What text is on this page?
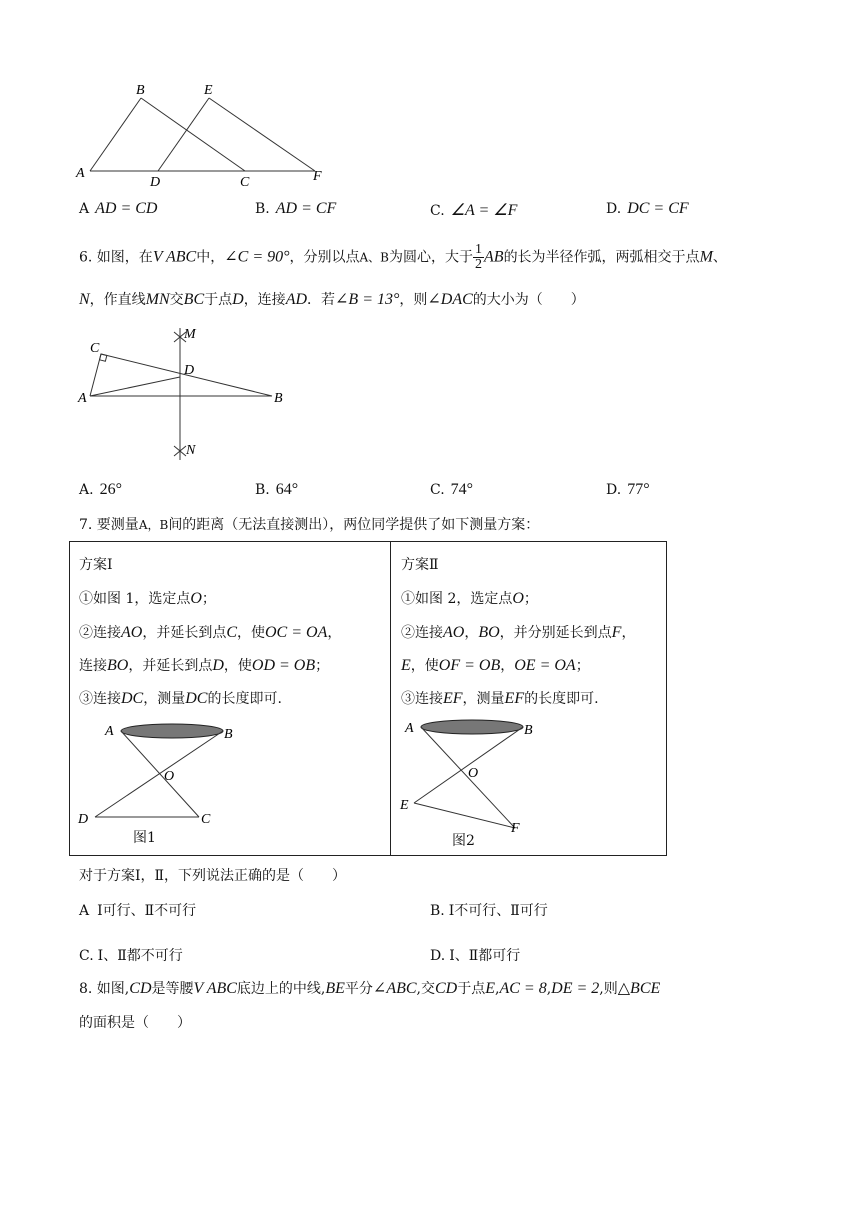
B	E
A
D	C	F
A AD = CD	B. AD = CF	C. ∠A = ∠F	D. DC = CF
6. 如图，在V ABC中，∠C = 90°，分别以点A、B为圆心，大于 $\frac{1}{2}$ AB的长为半径作弧，两弧相交于点M、
N，作直线MN交BC于点D，连接AD．若∠B = 13°，则∠DAC的大小为（　　）
C
M
D
A	B
N
A. 26°	B. 64°	C. 74°	D. 77°
7. 要测量A，B间的距离（无法直接测出），两位同学提供了如下测量方案：
方案Ⅰ
①如图 1，选定点O；
②连接AO，并延长到点C，使OC = OA，
连接BO，并延长到点D，使OD = OB；
③连接DC，测量DC的长度即可.
A	B
O
D	C
图1
方案Ⅱ
①如图 2，选定点O；
②连接AO，BO，并分别延长到点F，
E，使OF = OB，OE = OA；
③连接EF，测量EF的长度即可.
A	B
O
E
F
图2
对于方案Ⅰ，Ⅱ，下列说法正确的是（　　）
A Ⅰ可行、Ⅱ不可行	B. Ⅰ不可行、Ⅱ可行
C. Ⅰ、Ⅱ都不可行	D. Ⅰ、Ⅱ都可行
8. 如图,CD是等腰V ABC底边上的中线,BE平分∠ABC,交CD于点E,AC = 8,DE = 2,则△BCE
的面积是（　　）
